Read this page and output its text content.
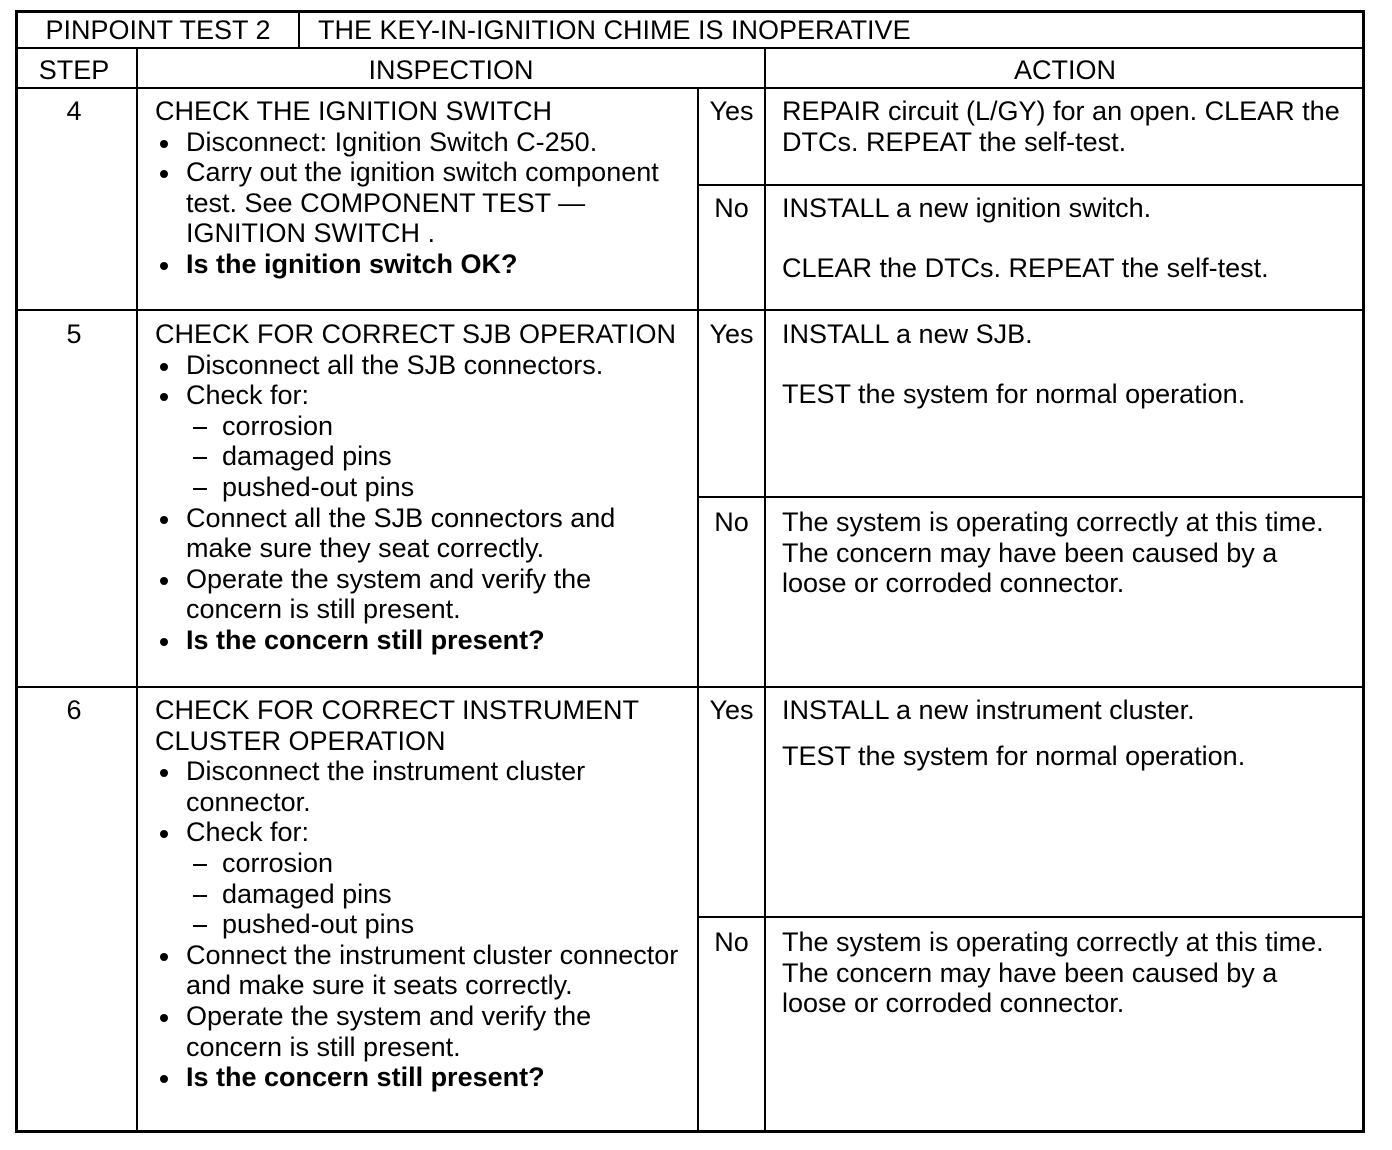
PINPOINT TEST 2	THE KEY-IN-IGNITION CHIME IS INOPERATIVE
STEP	INSPECTION	ACTION
4	CHECK THE IGNITION SWITCH
Disconnect: Ignition Switch C-250.
Carry out the ignition switch component
test. See COMPONENT TEST —
IGNITION SWITCH .
Is the ignition switch OK?
Yes	REPAIR circuit (L/GY) for an open. CLEAR the
DTCs. REPEAT the self-test.
No	INSTALL a new ignition switch.
CLEAR the DTCs. REPEAT the self-test.
5	CHECK FOR CORRECT SJB OPERATION
Disconnect all the SJB connectors.
Check for:
corrosion
damaged pins
pushed-out pins
Connect all the SJB connectors and
make sure they seat correctly.
Operate the system and verify the
concern is still present.
Is the concern still present?
Yes	INSTALL a new SJB.
TEST the system for normal operation.
No	The system is operating correctly at this time.
The concern may have been caused by a
loose or corroded connector.
6	CHECK FOR CORRECT INSTRUMENT
CLUSTER OPERATION
Disconnect the instrument cluster
connector.
Check for:
corrosion
damaged pins
pushed-out pins
Connect the instrument cluster connector
and make sure it seats correctly.
Operate the system and verify the
concern is still present.
Is the concern still present?
Yes	INSTALL a new instrument cluster.
TEST the system for normal operation.
No	The system is operating correctly at this time.
The concern may have been caused by a
loose or corroded connector.
